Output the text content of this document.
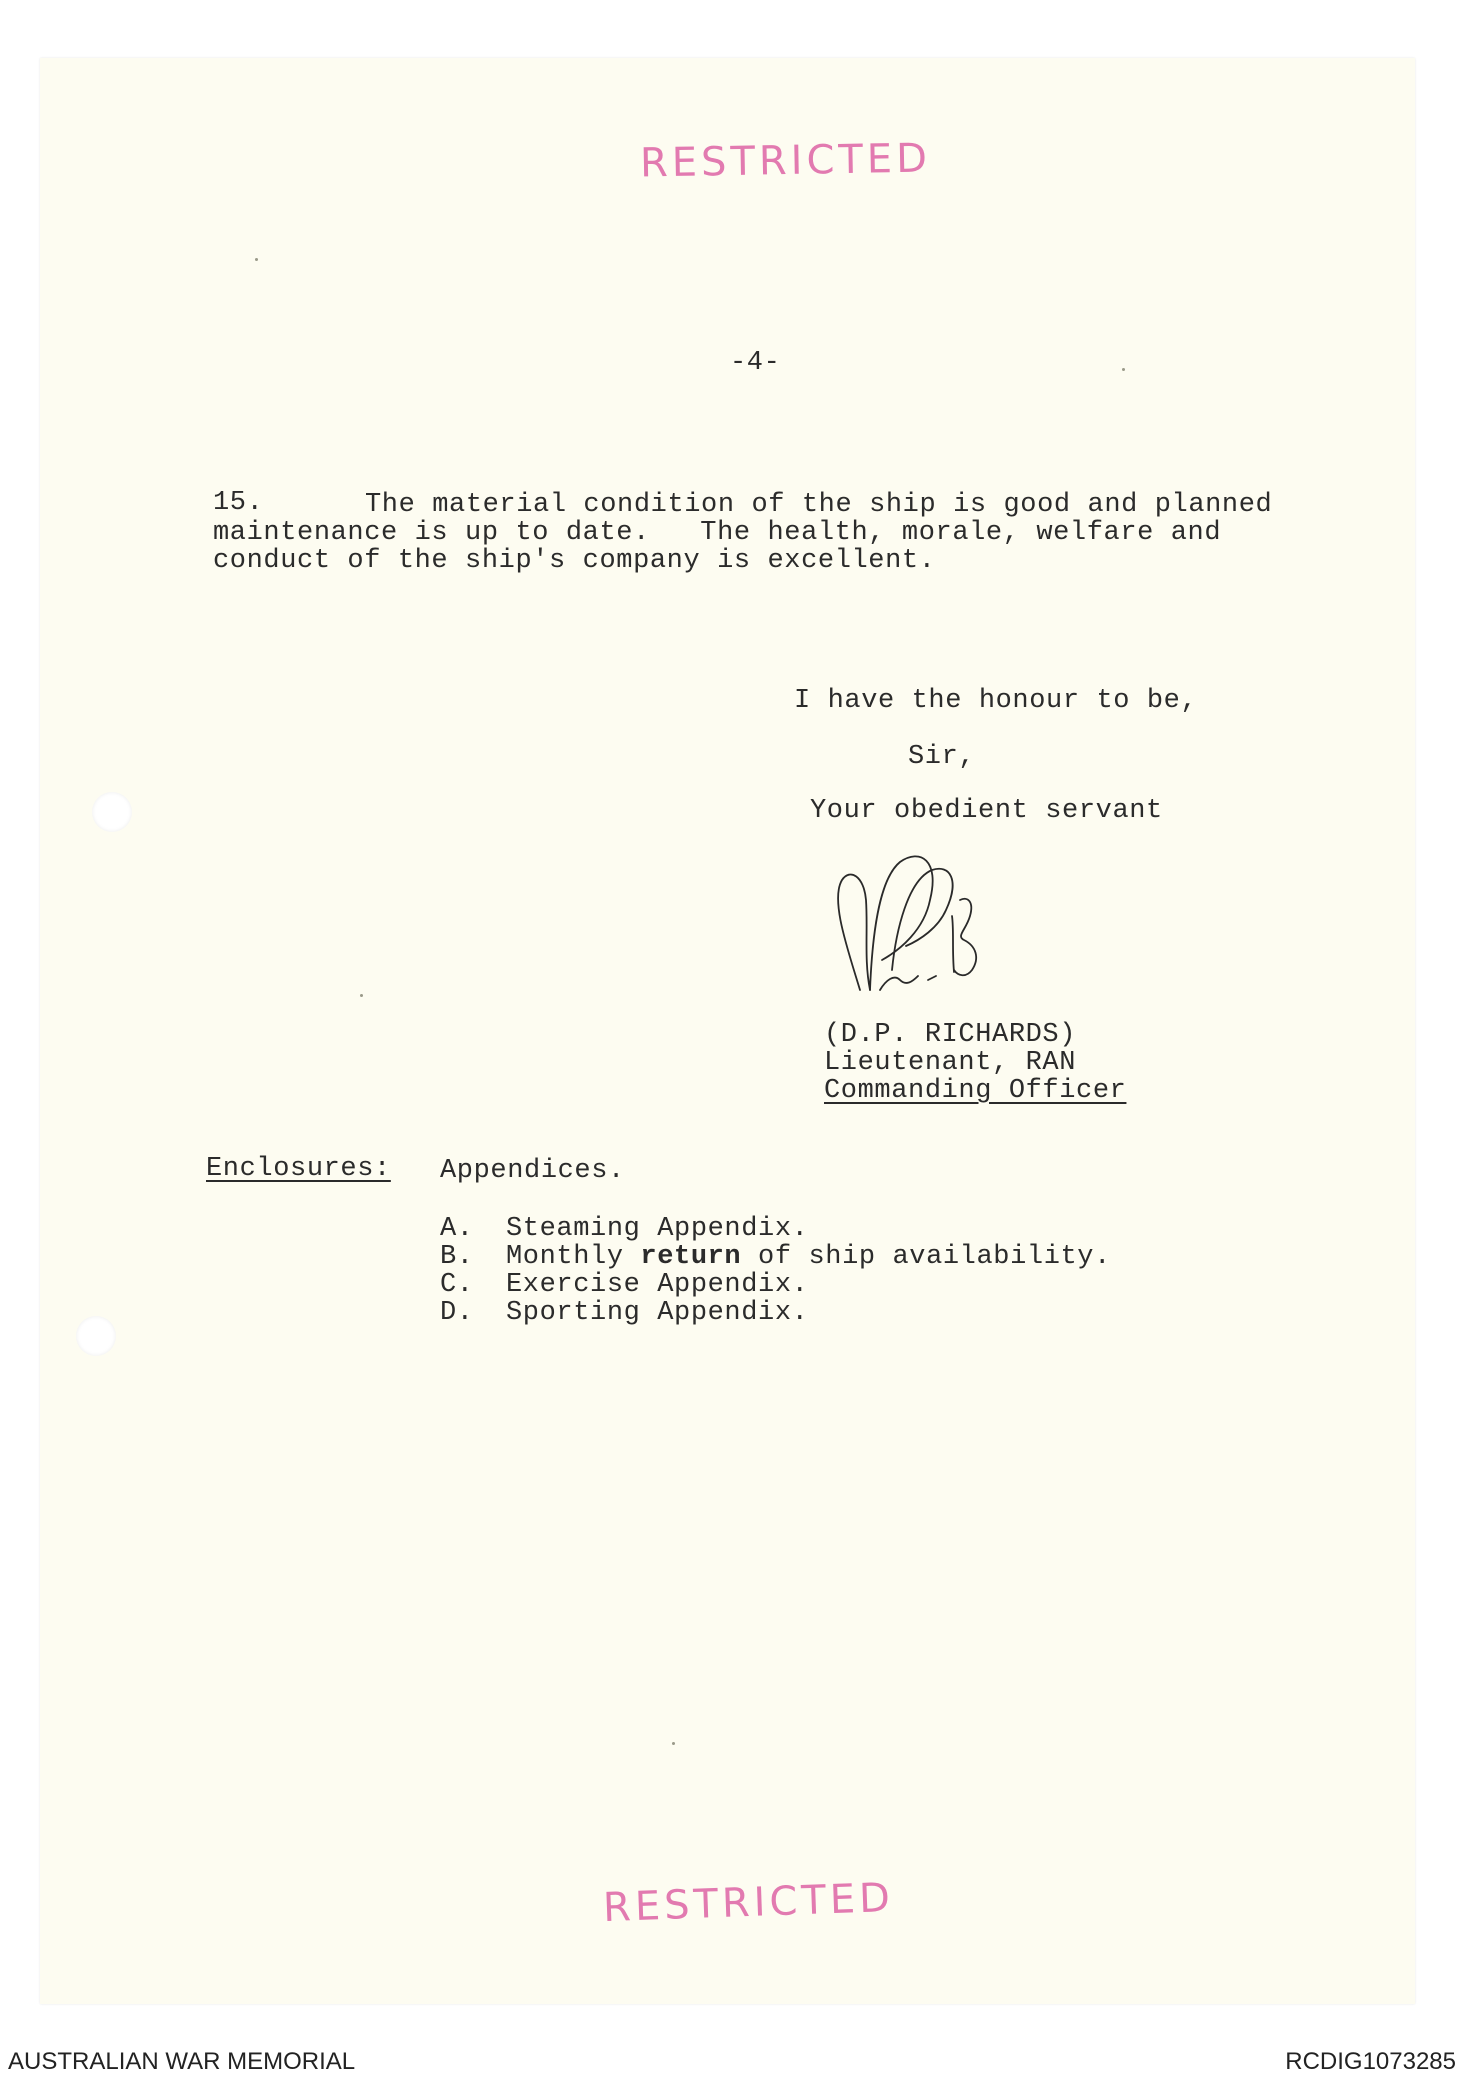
RESTRICTED
-4-
15.	The material condition of the ship is good and planned
maintenance is up to date.   The health, morale, welfare and
conduct of the ship's company is excellent.
I have the honour to be,
Sir,
Your obedient servant
(D.P. RICHARDS)
Lieutenant, RAN
Commanding Officer
Enclosures: Appendices.
A. Steaming Appendix.
B. Monthly return of ship availability.
C. Exercise Appendix.
D. Sporting Appendix.
RESTRICTED
AUSTRALIAN WAR MEMORIAL	RCDIG1073285
